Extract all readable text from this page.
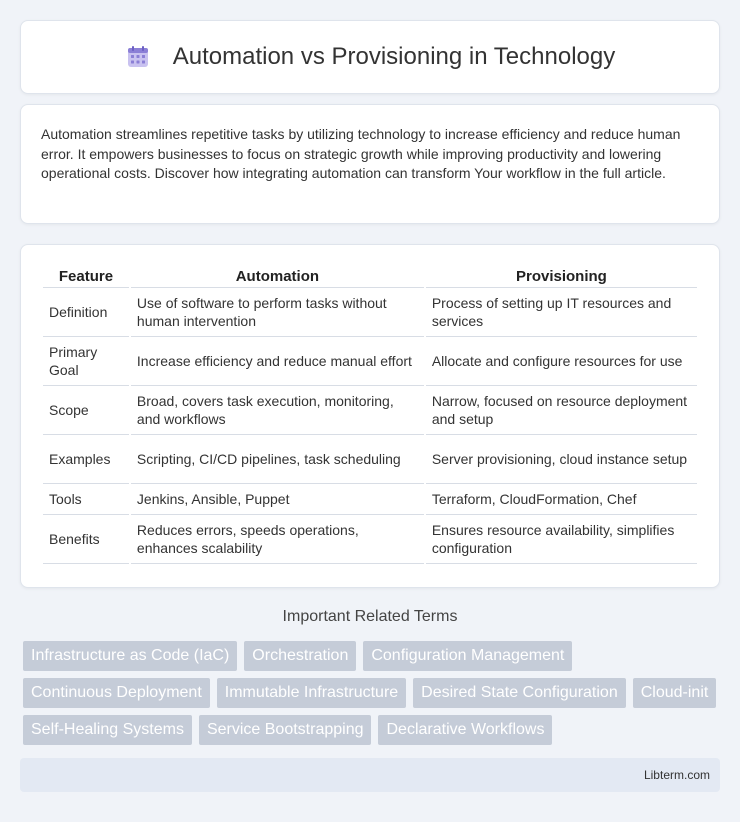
Automation vs Provisioning in Technology

Automation streamlines repetitive tasks by utilizing technology to increase efficiency and reduce human error. It empowers businesses to focus on strategic growth while improving productivity and lowering operational costs. Discover how integrating automation can transform Your workflow in the full article.

Feature	Automation	Provisioning
Definition	Use of software to perform tasks without human intervention	Process of setting up IT resources and services
Primary Goal	Increase efficiency and reduce manual effort	Allocate and configure resources for use
Scope	Broad, covers task execution, monitoring, and workflows	Narrow, focused on resource deployment and setup
Examples	Scripting, CI/CD pipelines, task scheduling	Server provisioning, cloud instance setup
Tools	Jenkins, Ansible, Puppet	Terraform, CloudFormation, Chef
Benefits	Reduces errors, speeds operations, enhances scalability	Ensures resource availability, simplifies configuration
Important Related Terms
Infrastructure as Code (IaC)	Orchestration	Configuration Management
Continuous Deployment	Immutable Infrastructure	Desired State Configuration	Cloud-init
Self-Healing Systems	Service Bootstrapping	Declarative Workflows
Libterm.com
